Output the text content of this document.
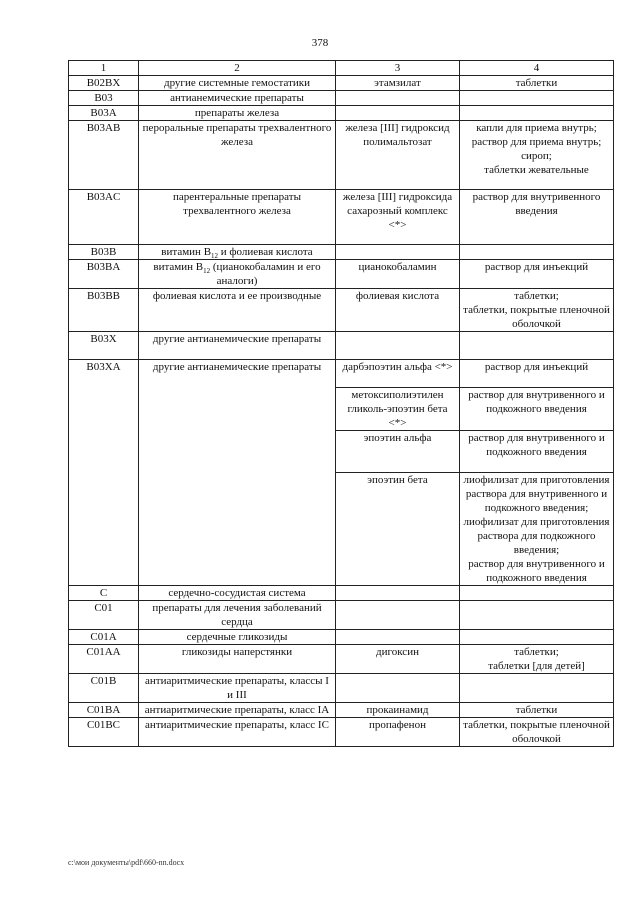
378
1	2	3	4
B02BX	другие системные гемостатики	этамзилат	таблетки
B03	антианемические препараты		
B03A	препараты железа		
B03AB	пероральные препараты трехвалентного железа	железа [III] гидроксид полимальтозат	капли для приема внутрь;
раствор для приема внутрь;
сироп;
таблетки жевательные
B03AC	парентеральные препараты трехвалентного железа	железа [III] гидроксида сахарозный комплекс <*>	раствор для внутривенного введения
B03B	витамин $B_{12}$ и фолиевая кислота		
B03BA	витамин $B_{12}$ (цианокобаламин и его аналоги)	цианокобаламин	раствор для инъекций
B03BB	фолиевая кислота и ее производные	фолиевая кислота	таблетки;
таблетки, покрытые пленочной оболочкой
B03X	другие антианемические препараты		
B03XA	другие антианемические препараты	дарбэпоэтин альфа <*>	раствор для инъекций
		метоксиполиэтилен гликоль-эпоэтин бета <*>	раствор для внутривенного и подкожного введения
		эпоэтин альфа	раствор для внутривенного и подкожного введения
		эпоэтин бета	лиофилизат для приготовления раствора для внутривенного и подкожного введения;
лиофилизат для приготовления раствора для подкожного введения;
раствор для внутривенного и подкожного введения
C	сердечно-сосудистая система		
C01	препараты для лечения заболеваний сердца		
C01A	сердечные гликозиды		
C01AA	гликозиды наперстянки	дигоксин	таблетки;
таблетки [для детей]
C01B	антиаритмические препараты, классы I и III		
C01BA	антиаритмические препараты, класс IA	прокаинамид	таблетки
C01BC	антиаритмические препараты, класс IC	пропафенон	таблетки, покрытые пленочной оболочкой
c:\мои документы\pdf\660-nn.docx
